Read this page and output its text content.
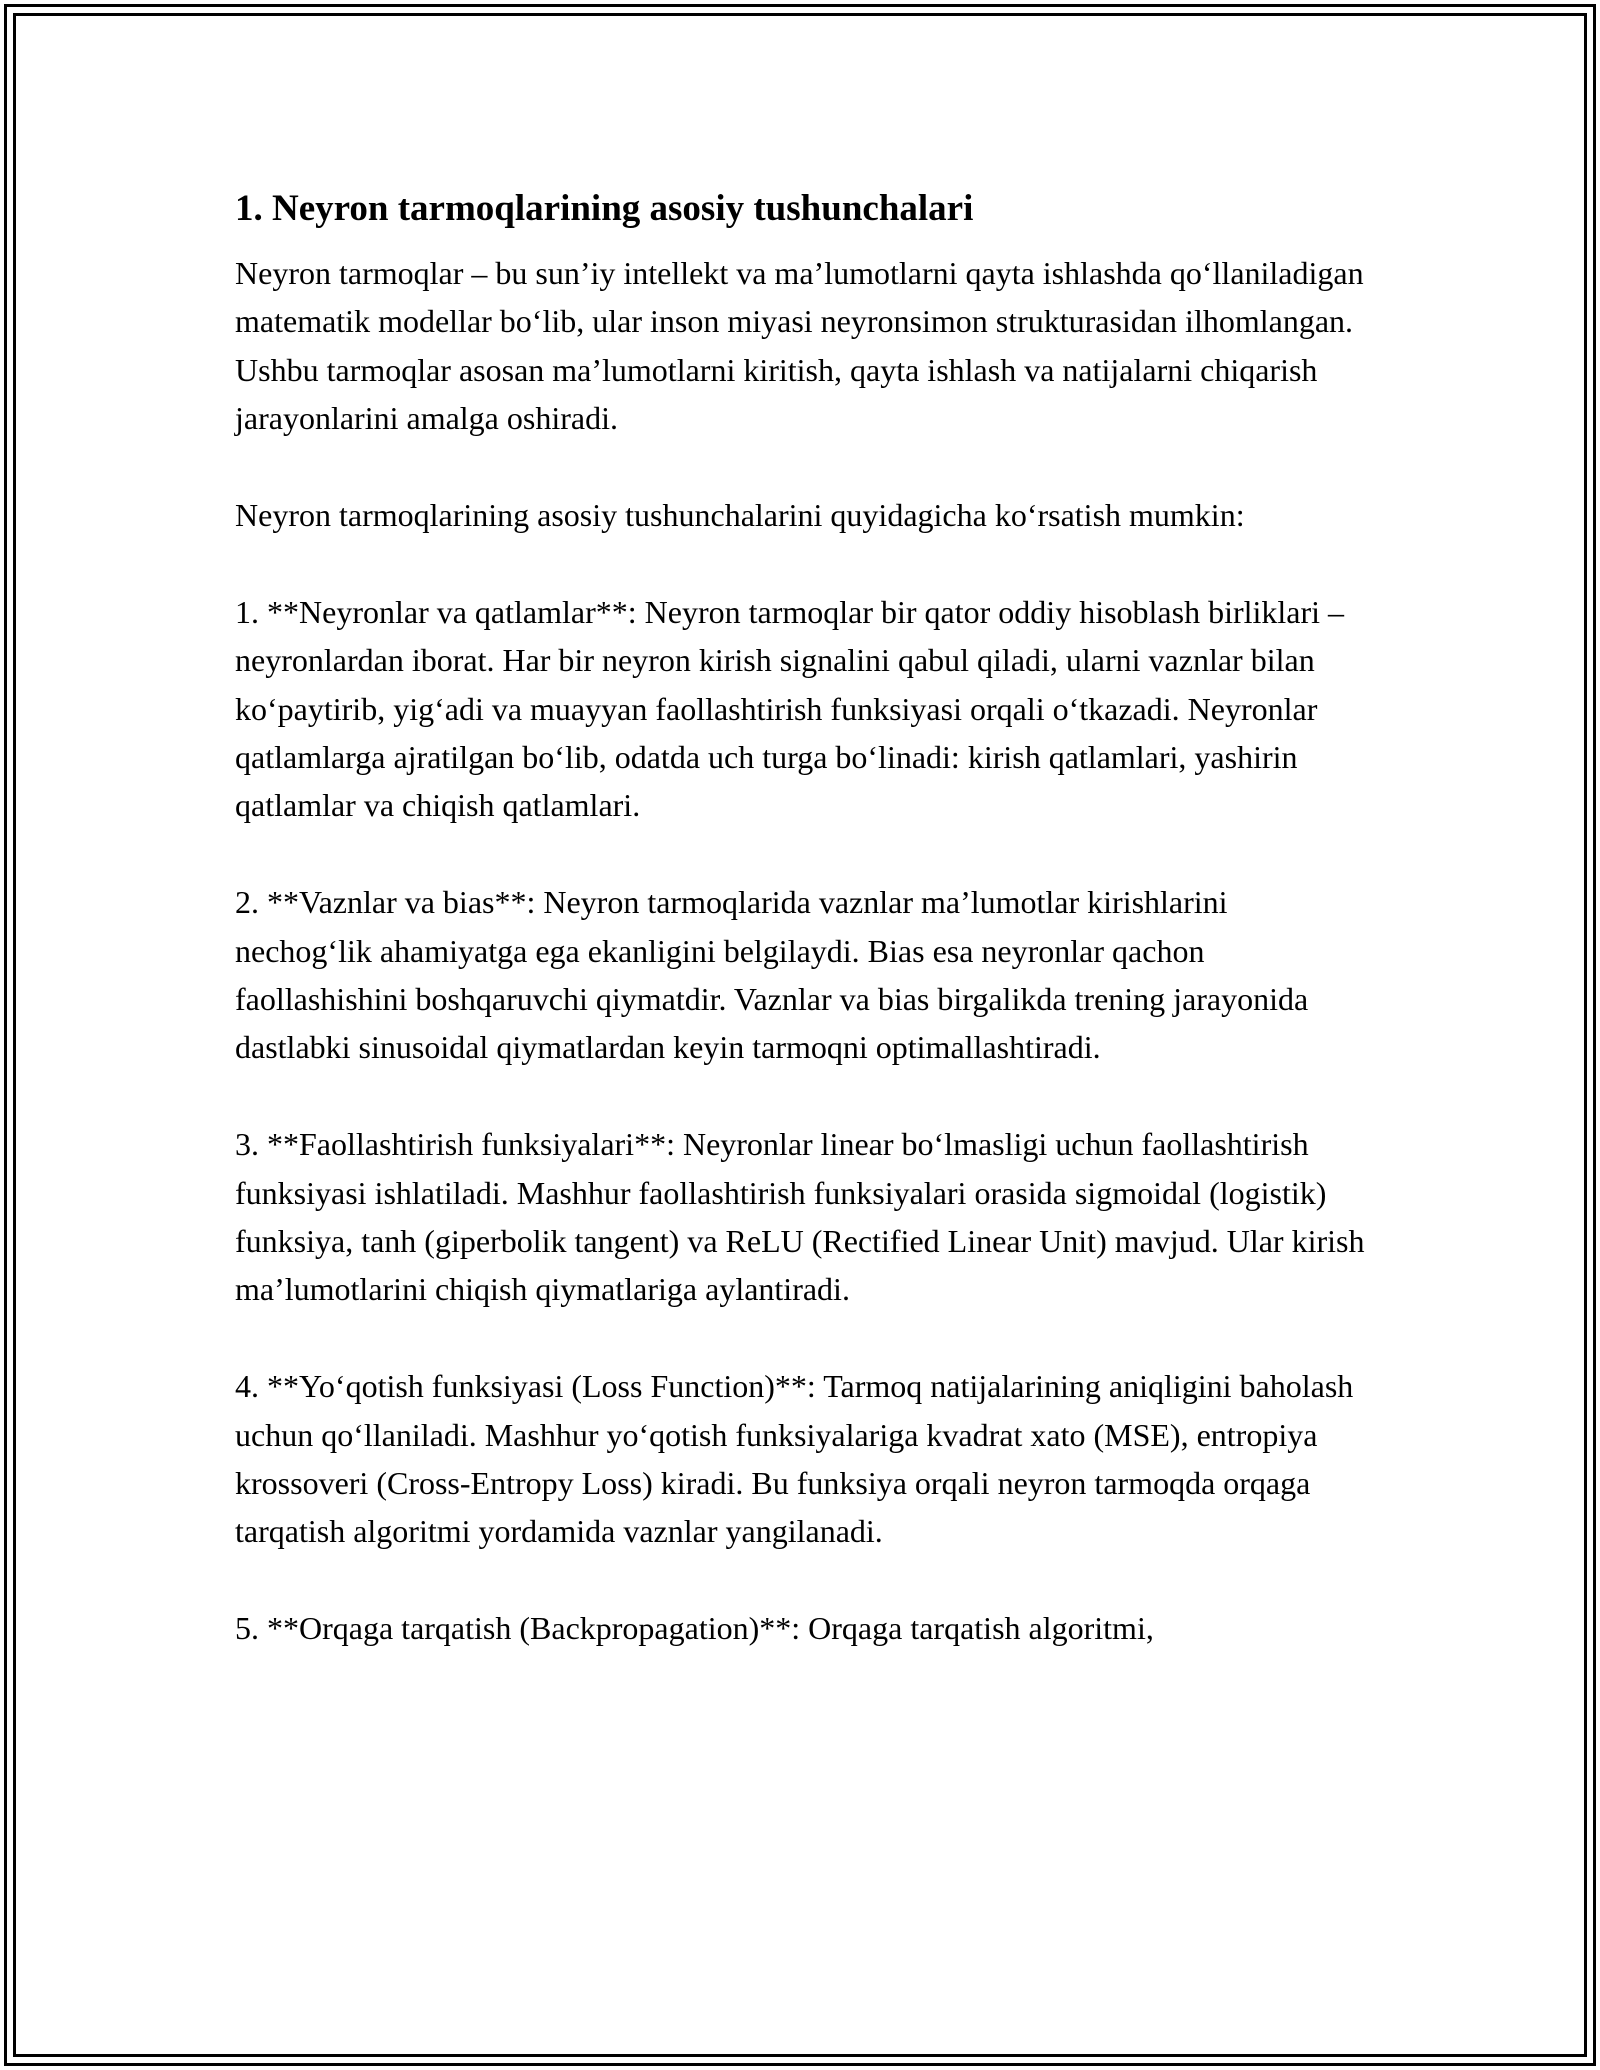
1. Neyron tarmoqlarining asosiy tushunchalari

Neyron tarmoqlar – bu sun’iy intellekt va ma’lumotlarni qayta ishlashda qo‘llaniladigan matematik modellar bo‘lib, ular inson miyasi neyronsimon strukturasidan ilhomlangan. Ushbu tarmoqlar asosan ma’lumotlarni kiritish, qayta ishlash va natijalarni chiqarish jarayonlarini amalga oshiradi.

Neyron tarmoqlarining asosiy tushunchalarini quyidagicha ko‘rsatish mumkin:

1. **Neyronlar va qatlamlar**: Neyron tarmoqlar bir qator oddiy hisoblash birliklari – neyronlardan iborat. Har bir neyron kirish signalini qabul qiladi, ularni vaznlar bilan ko‘paytirib, yig‘adi va muayyan faollashtirish funksiyasi orqali o‘tkazadi. Neyronlar qatlamlarga ajratilgan bo‘lib, odatda uch turga bo‘linadi: kirish qatlamlari, yashirin qatlamlar va chiqish qatlamlari.

2. **Vaznlar va bias**: Neyron tarmoqlarida vaznlar ma’lumotlar kirishlarini nechog‘lik ahamiyatga ega ekanligini belgilaydi. Bias esa neyronlar qachon faollashishini boshqaruvchi qiymatdir. Vaznlar va bias birgalikda trening jarayonida dastlabki sinusoidal qiymatlardan keyin tarmoqni optimallashtiradi.

3. **Faollashtirish funksiyalari**: Neyronlar linear bo‘lmasligi uchun faollashtirish funksiyasi ishlatiladi. Mashhur faollashtirish funksiyalari orasida sigmoidal (logistik) funksiya, tanh (giperbolik tangent) va ReLU (Rectified Linear Unit) mavjud. Ular kirish ma’lumotlarini chiqish qiymatlariga aylantiradi.

4. **Yo‘qotish funksiyasi (Loss Function)**: Tarmoq natijalarining aniqligini baholash uchun qo‘llaniladi. Mashhur yo‘qotish funksiyalariga kvadrat xato (MSE), entropiya krossoveri (Cross-Entropy Loss) kiradi. Bu funksiya orqali neyron tarmoqda orqaga tarqatish algoritmi yordamida vaznlar yangilanadi.

5. **Orqaga tarqatish (Backpropagation)**: Orqaga tarqatish algoritmi,
